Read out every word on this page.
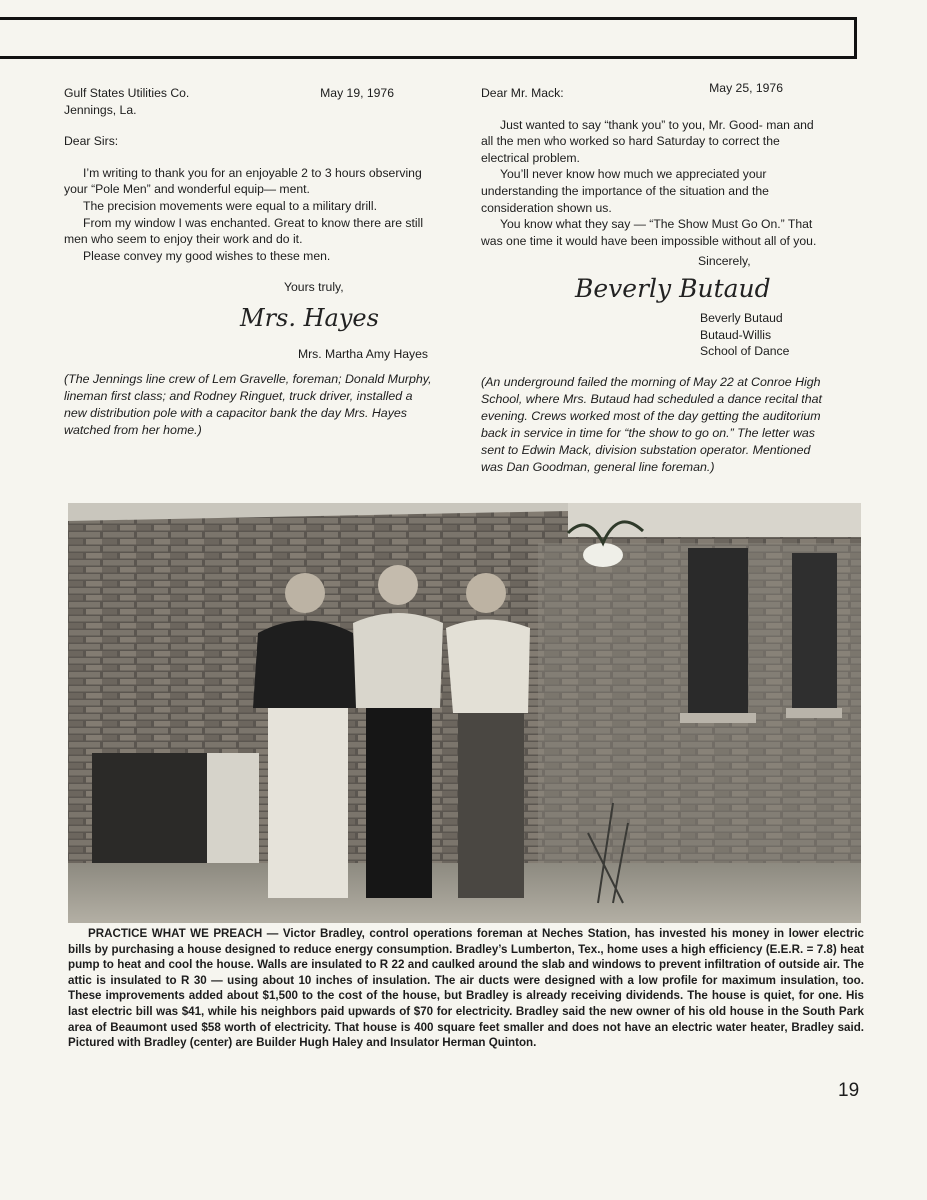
Gulf States Utilities Co.
Jennings, La.
May 19, 1976

Dear Sirs:

I’m writing to thank you for an enjoyable 2 to 3 hours observing your “Pole Men” and wonderful equip— ment.

The precision movements were equal to a military drill.

From my window I was enchanted. Great to know there are still men who seem to enjoy their work and do it.

Please convey my good wishes to these men.

Yours truly,

Mrs. Hayes

Mrs. Martha Amy Hayes

(The Jennings line crew of Lem Gravelle, foreman; Donald Murphy, lineman first class; and Rodney Ringuet, truck driver, installed a new distribution pole with a capacitor bank the day Mrs. Hayes watched from her home.)

Dear Mr. Mack:	May 25, 1976

Just wanted to say “thank you” to you, Mr. Good- man and all the men who worked so hard Saturday to correct the electrical problem.

You’ll never know how much we appreciated your understanding the importance of the situation and the consideration shown us.

You know what they say — “The Show Must Go On.” That was one time it would have been impossible without all of you.

Sincerely,

Beverly Butaud
Beverly Butaud
Butaud-Willis
School of Dance

(An underground failed the morning of May 22 at Conroe High School, where Mrs. Butaud had scheduled a dance recital that evening. Crews worked most of the day getting the auditorium back in service in time for “the show to go on.” The letter was sent to Edwin Mack, division substation operator. Mentioned was Dan Goodman, general line foreman.)

PRACTICE WHAT WE PREACH — Victor Bradley, control operations foreman at Neches Station, has invested his money in lower electric bills by purchasing a house designed to reduce energy consumption. Bradley’s Lumberton, Tex., home uses a high efficiency (E.E.R. = 7.8) heat pump to heat and cool the house. Walls are insulated to R 22 and caulked around the slab and windows to prevent infiltration of outside air. The attic is insulated to R 30 — using about 10 inches of insulation. The air ducts were designed with a low profile for maximum insulation, too. These improvements added about $1,500 to the cost of the house, but Bradley is already receiving dividends. The house is quiet, for one. His last electric bill was $41, while his neighbors paid upwards of $70 for electricity. Bradley said the new owner of his old house in the South Park area of Beaumont used $58 worth of electricity. That house is 400 square feet smaller and does not have an electric water heater, Bradley said. Pictured with Bradley (center) are Builder Hugh Haley and Insulator Herman Quinton.

19
